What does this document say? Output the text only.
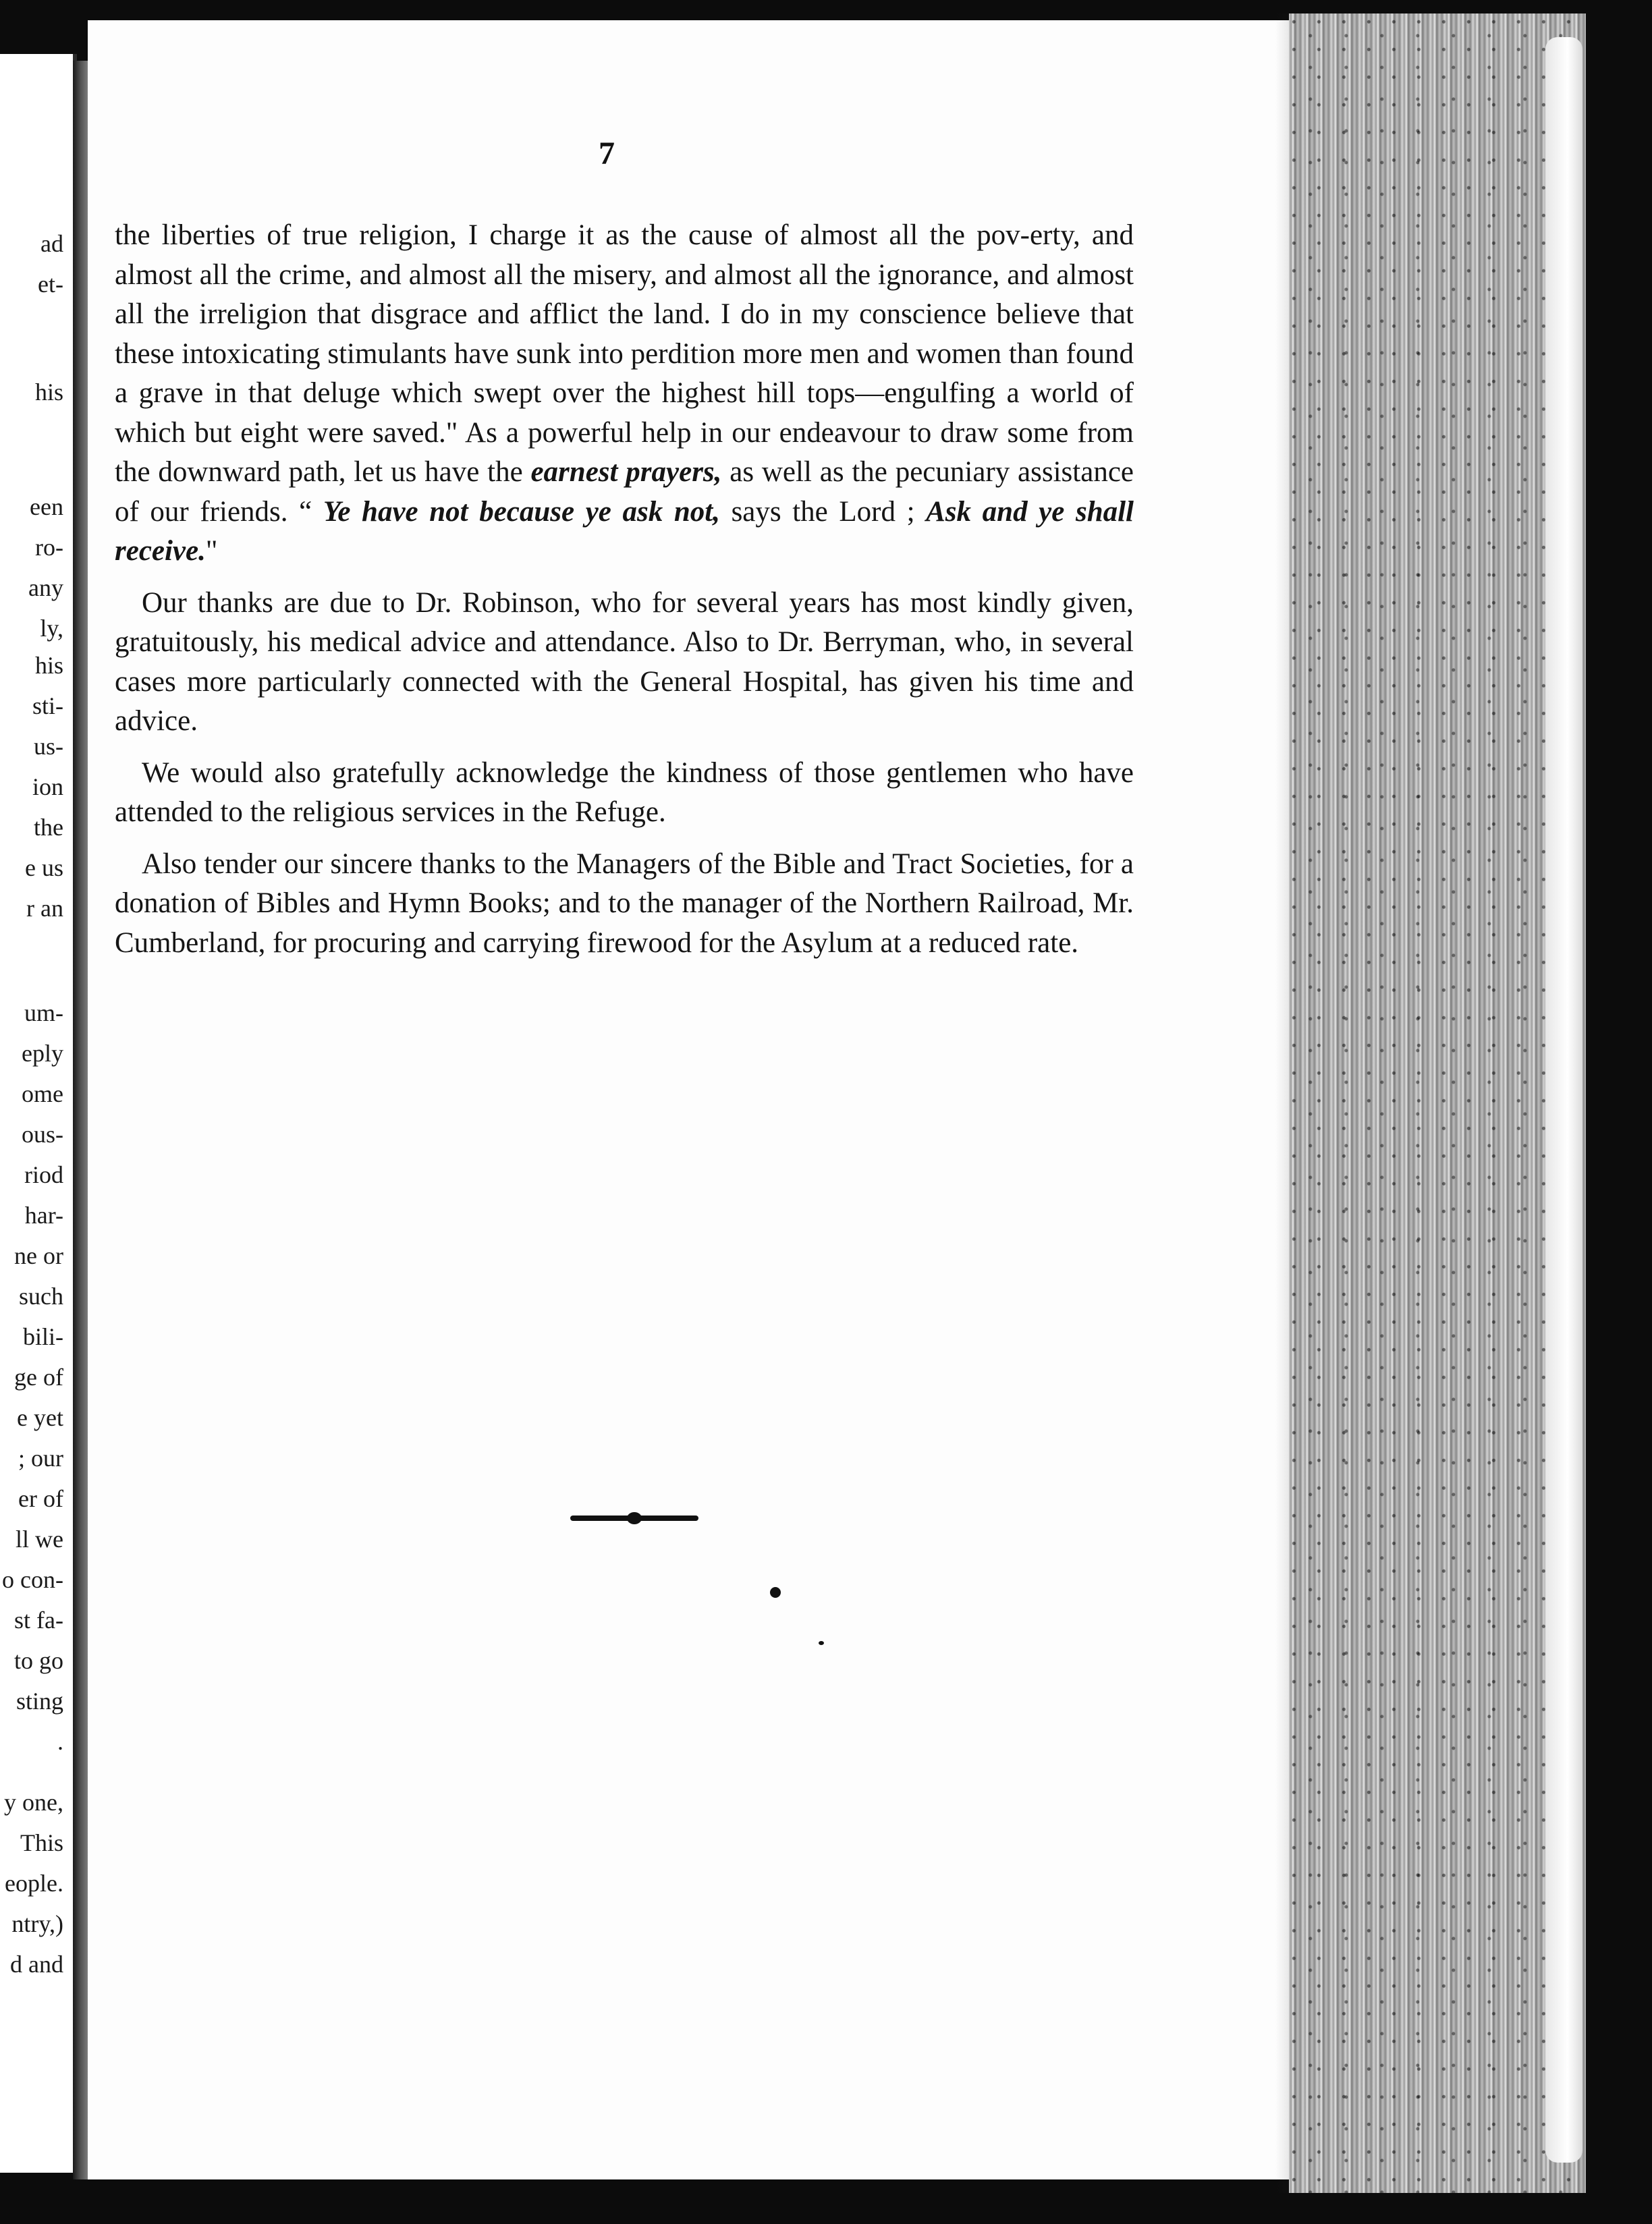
ad
et-
his
een
ro-
any
ly,
his
sti-
us-
ion
the
e us
r an
um-
eply
ome
ous-
riod
har-
ne or
such
bili-
ge of
e yet
; our
er of
ll we
o con-
st fa-
to go
sting
.
y one,
This
eople.
ntry,)
d and
7

the liberties of true religion, I charge it as the cause of almost all the pov-erty, and almost all the crime, and almost all the misery, and almost all the ignorance, and almost all the irreligion that disgrace and afflict the land. I do in my conscience believe that these intoxicating stimulants have sunk into perdition more men and women than found a grave in that deluge which swept over the highest hill tops—engulfing a world of which but eight were saved." As a powerful help in our endeavour to draw some from the downward path, let us have the earnest prayers, as well as the pecuniary assistance of our friends. “ Ye have not because ye ask not, says the Lord ; Ask and ye shall receive."

Our thanks are due to Dr. Robinson, who for several years has most kindly given, gratuitously, his medical advice and attendance. Also to Dr. Berryman, who, in several cases more particularly connected with the General Hospital, has given his time and advice.

We would also gratefully acknowledge the kindness of those gentlemen who have attended to the religious services in the Refuge.

Also tender our sincere thanks to the Managers of the Bible and Tract Societies, for a donation of Bibles and Hymn Books; and to the manager of the Northern Railroad, Mr. Cumberland, for procuring and carrying firewood for the Asylum at a reduced rate.
